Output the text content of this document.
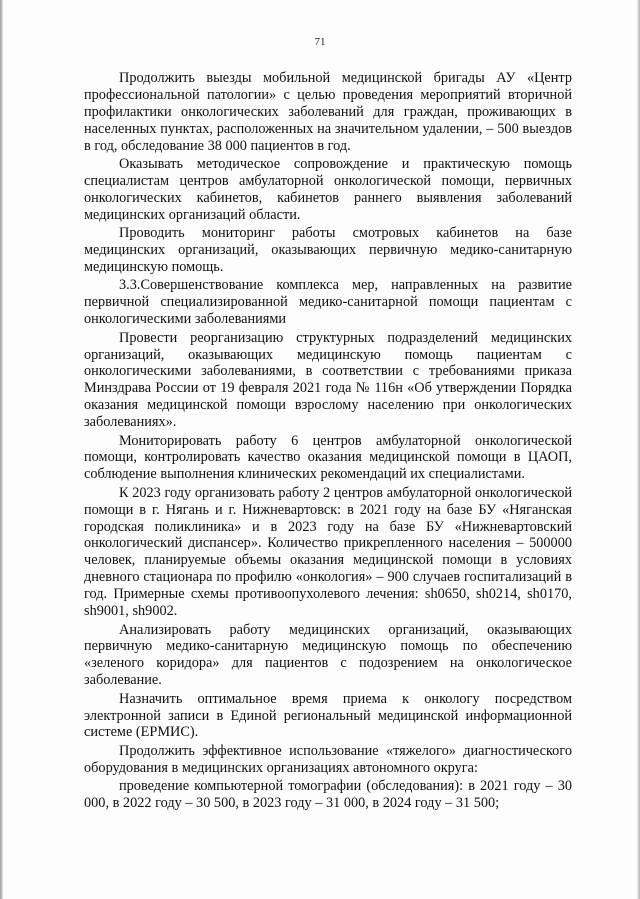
71

Продолжить выезды мобильной медицинской бригады АУ «Центр профессиональной патологии» с целью проведения мероприятий вторичной профилактики онкологических заболеваний для граждан, проживающих в населенных пунктах, расположенных на значительном удалении, – 500 выездов в год, обследование 38 000 пациентов в год.

Оказывать методическое сопровождение и практическую помощь специалистам центров амбулаторной онкологической помощи, первичных онкологических кабинетов, кабинетов раннего выявления заболеваний медицинских организаций области.

Проводить мониторинг работы смотровых кабинетов на базе медицинских организаций, оказывающих первичную медико-санитарную медицинскую помощь.

3.3.Совершенствование комплекса мер, направленных на развитие первичной специализированной медико-санитарной помощи пациентам с онкологическими заболеваниями

Провести реорганизацию структурных подразделений медицинских организаций, оказывающих медицинскую помощь пациентам с онкологическими заболеваниями, в соответствии с требованиями приказа Минздрава России от 19 февраля 2021 года № 116н «Об утверждении Порядка оказания медицинской помощи взрослому населению при онкологических заболеваниях».

Мониторировать работу 6 центров амбулаторной онкологической помощи, контролировать качество оказания медицинской помощи в ЦАОП, соблюдение выполнения клинических рекомендаций их специалистами.

К 2023 году организовать работу 2 центров амбулаторной онкологической помощи в г. Нягань и г. Нижневартовск: в 2021 году на базе БУ «Няганская городская поликлиника» и в 2023 году на базе БУ «Нижневартовский онкологический диспансер». Количество прикрепленного населения – 500000 человек, планируемые объемы оказания медицинской помощи в условиях дневного стационара по профилю «онкология» – 900 случаев госпитализаций в год. Примерные схемы противоопухолевого лечения: sh0650, sh0214, sh0170, sh9001, sh9002.

Анализировать работу медицинских организаций, оказывающих первичную медико-санитарную медицинскую помощь по обеспечению «зеленого коридора» для пациентов с подозрением на онкологическое заболевание.

Назначить оптимальное время приема к онкологу посредством электронной записи в Единой региональный медицинской информационной системе (ЕРМИС).

Продолжить эффективное использование «тяжелого» диагностического оборудования в медицинских организациях автономного округа:

проведение компьютерной томографии (обследования): в 2021 году – 30 000, в 2022 году – 30 500, в 2023 году – 31 000, в 2024 году – 31 500;
